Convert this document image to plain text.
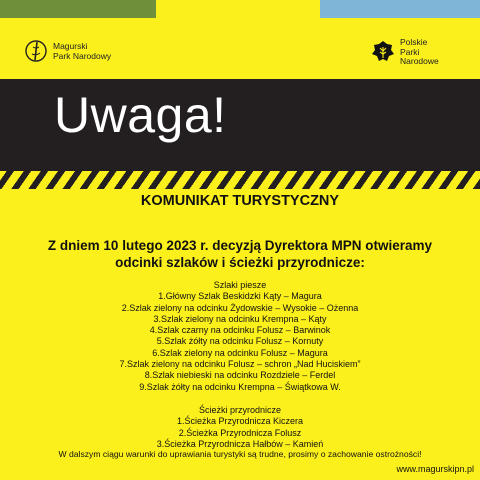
Magurski
Park Narodowy
Polskie
Parki
Narodowe
Uwaga!
KOMUNIKAT TURYSTYCZNY
Z dniem 10 lutego 2023 r. decyzją Dyrektora MPN otwieramy
odcinki szlaków i ścieżki przyrodnicze:
Szlaki piesze
1.Główny Szlak Beskidzki Kąty – Magura
2.Szlak zielony na odcinku Żydowskie – Wysokie – Ożenna
3.Szlak zielony na odcinku Krempna – Kąty
4.Szlak czarny na odcinku Folusz – Barwinok
5.Szlak żółty na odcinku Folusz – Kornuty
6.Szlak zielony na odcinku Folusz – Magura
7.Szlak zielony na odcinku Folusz – schron „Nad Huciskiem”
8.Szlak niebieski na odcinku Rozdziele – Ferdel
9.Szlak żółty na odcinku Krempna – Świątkowa W.
Ścieżki przyrodnicze
1.Ścieżka Przyrodnicza Kiczera
2.Ścieżka Przyrodnicza Folusz
3.Ścieżka Przyrodnicza Hałbów – Kamień
W dalszym ciągu warunki do uprawiania turystyki są trudne, prosimy o zachowanie ostrożności!
www.magurskipn.pl
